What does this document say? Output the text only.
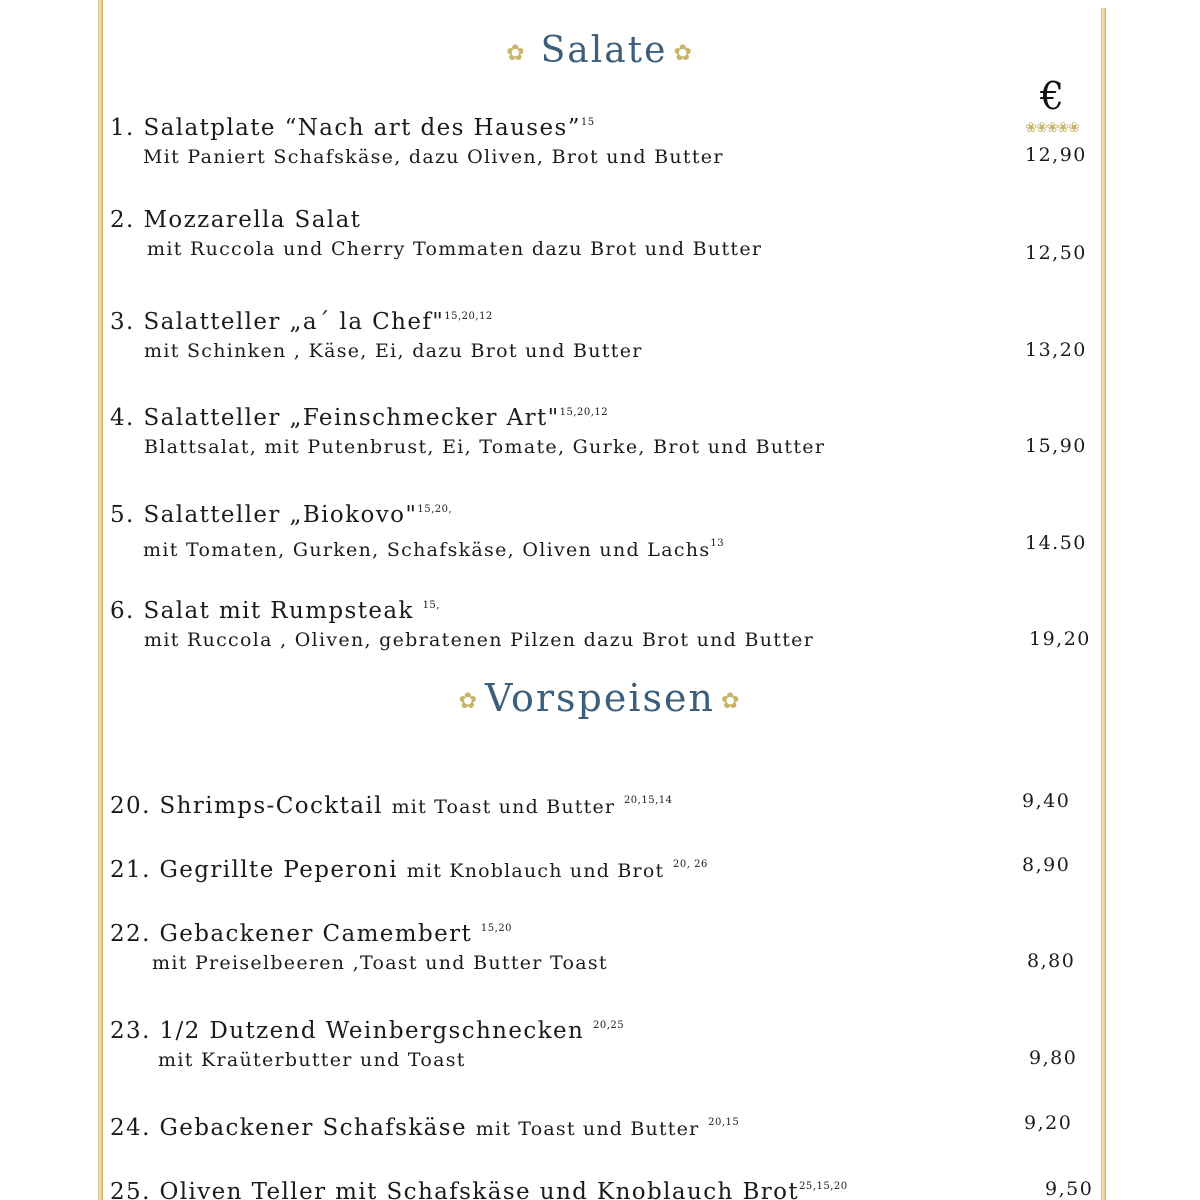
✿ Salate ✿
€
❀❀❀❀❀
1. Salatplate “Nach art des Hauses”$^{15}$
Mit Paniert Schafskäse, dazu Oliven, Brot und Butter	12,90
2. Mozzarella Salat
mit Ruccola und Cherry Tommaten dazu Brot und Butter	12,50
3. Salatteller „a´ la Chef"$^{15,20,12}$
mit Schinken , Käse, Ei, dazu Brot und Butter	13,20
4. Salatteller „Feinschmecker Art"$^{15,20,12}$
Blattsalat, mit Putenbrust, Ei, Tomate, Gurke, Brot und Butter	15,90
5. Salatteller „Biokovo"$^{15,20,}$
mit Tomaten, Gurken, Schafskäse, Oliven und Lachs$^{13}$	14.50
6. Salat mit Rumpsteak $^{15,}$
mit Ruccola , Oliven, gebratenen Pilzen dazu Brot und Butter	19,20
✿ Vorspeisen ✿
20. Shrimps-Cocktail mit Toast und Butter $^{20,15,14}$	9,40
21. Gegrillte Peperoni mit Knoblauch und Brot $^{20, 26}$	8,90
22. Gebackener Camembert $^{15,20}$
mit Preiselbeeren ,Toast und Butter Toast	8,80
23. 1/2 Dutzend Weinbergschnecken $^{20,25}$
mit Kraüterbutter und Toast	9,80
24. Gebackener Schafskäse mit Toast und Butter $^{20,15}$	9,20
25. Oliven Teller mit Schafskäse und Knoblauch Brot$^{25,15,20}$	9,50
